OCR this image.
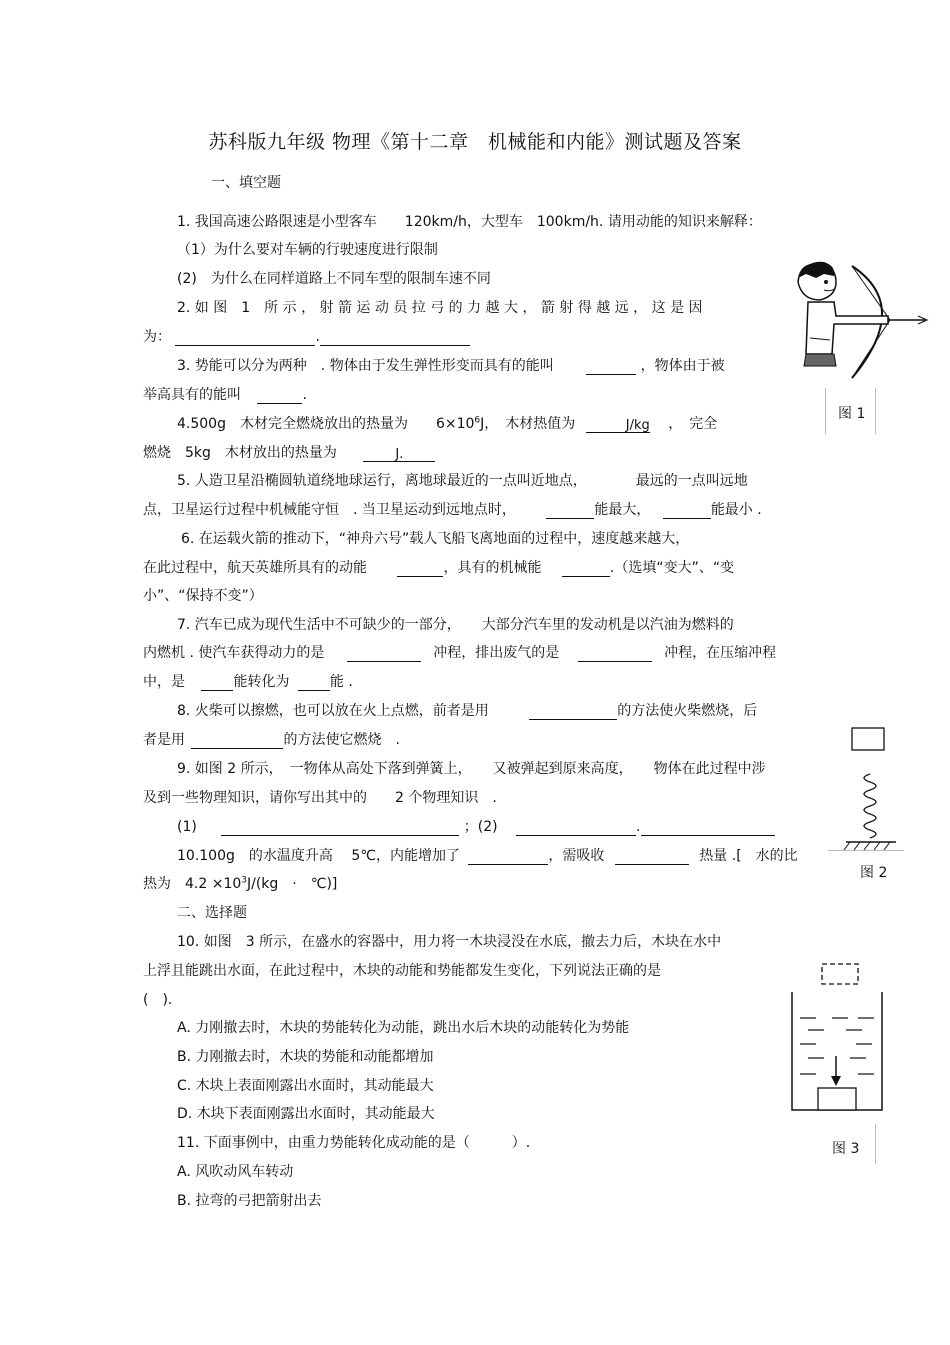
苏科版九年级 物理《第十二章　机械能和内能》测试题及答案
一、填空题
1. 我国高速公路限速是小型客车　　120km/h，大型车　100km/h. 请用动能的知识来解释：
（1）为什么要对车辆的行驶速度进行限制
(2)　为什么在同样道路上不同车型的限制车速不同
2. 如 图　1　所 示 ， 射 箭 运 动 员 拉 弓 的 力 越 大 ， 箭 射 得 越 远 ， 这 是 因
为：	.
3. 势能可以分为两种　. 物体由于发生弹性形变而具有的能叫	，物体由于被
举高具有的能叫	.
4.500g　木材完全燃烧放出的热量为　　$6\times 10^6J$，　木材热值为	J/kg ，　完全
燃烧　5kg　木材放出的热量为	J.
5. 人造卫星沿椭圆轨道绕地球运行，离地球最近的一点叫近地点，　　　　最远的一点叫远地
点，卫星运行过程中机械能守恒　. 当卫星运动到远地点时，	能最大，	能最小 .
6. 在运载火箭的推动下，“神舟六号”载人飞船飞离地面的过程中，速度越来越大，
在此过程中，航天英雄所具有的动能	，具有的机械能	.（选填“变大”、“变
小”、“保持不变”）
7. 汽车已成为现代生活中不可缺少的一部分，　　大部分汽车里的发动机是以汽油为燃料的
内燃机 . 使汽车获得动力的是	冲程，排出废气的是	冲程，在压缩冲程
中，是	能转化为	能 .
8. 火柴可以擦燃，也可以放在火上点燃，前者是用	的方法使火柴燃烧，后
者是用	的方法使它燃烧　.
9. 如图 2 所示，　一物体从高处下落到弹簧上，　　又被弹起到原来高度，　　物体在此过程中涉
及到一些物理知识，请你写出其中的　　2 个物理知识　.
(1)	；(2)	.
10.100g　的水温度升高　 5℃，内能增加了	，需吸收	热量 .[　水的比
热为　$4.2 \times 10^3J/(kg$　·　℃)]
二、选择题
10. 如图　3 所示，在盛水的容器中，用力将一木块浸没在水底，撤去力后，木块在水中
上浮且能跳出水面，在此过程中，木块的动能和势能都发生变化，下列说法正确的是
(　).
A. 力刚撤去时，木块的势能转化为动能，跳出水后木块的动能转化为势能
B. 力刚撤去时，木块的势能和动能都增加
C. 木块上表面刚露出水面时，其动能最大
D. 木块下表面刚露出水面时，其动能最大
11. 下面事例中，由重力势能转化成动能的是（　　　）.
A. 风吹动风车转动
B. 拉弯的弓把箭射出去
图 1
图 2
图 3
